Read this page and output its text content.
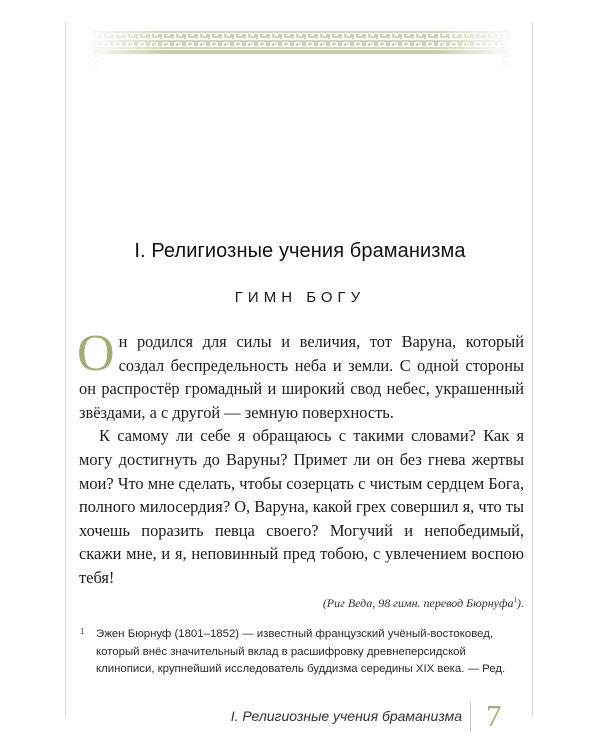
I. Религиозные учения браманизма
ГИМН БОГУ

Он родился для силы и величия, тот Варуна, который создал беспредельность неба и земли. С одной стороны он распростёр громадный и широкий свод небес, украшенный звёздами, а с другой — земную поверхность.

К самому ли себе я обращаюсь с такими словами? Как я могу достигнуть до Варуны? Примет ли он без гнева жертвы мои? Что мне сделать, чтобы созерцать с чистым сердцем Бога, полного милосердия? О, Варуна, какой грех совершил я, что ты хочешь поразить певца своего? Могучий и непобедимый, скажи мне, и я, неповинный пред тобою, с увлечением воспою тебя!

(Риг Веда, 98 гимн. перевод Бюрнуфа$^1$).
1 Эжен Бюрнуф (1801–1852) — известный французский учёный-востоковед, который внёс значительный вклад в расшифровку древнеперсидской клинописи, крупнейший исследователь буддизма середины XIX века. — Ред.
I. Религиозные учения браманизма 7
